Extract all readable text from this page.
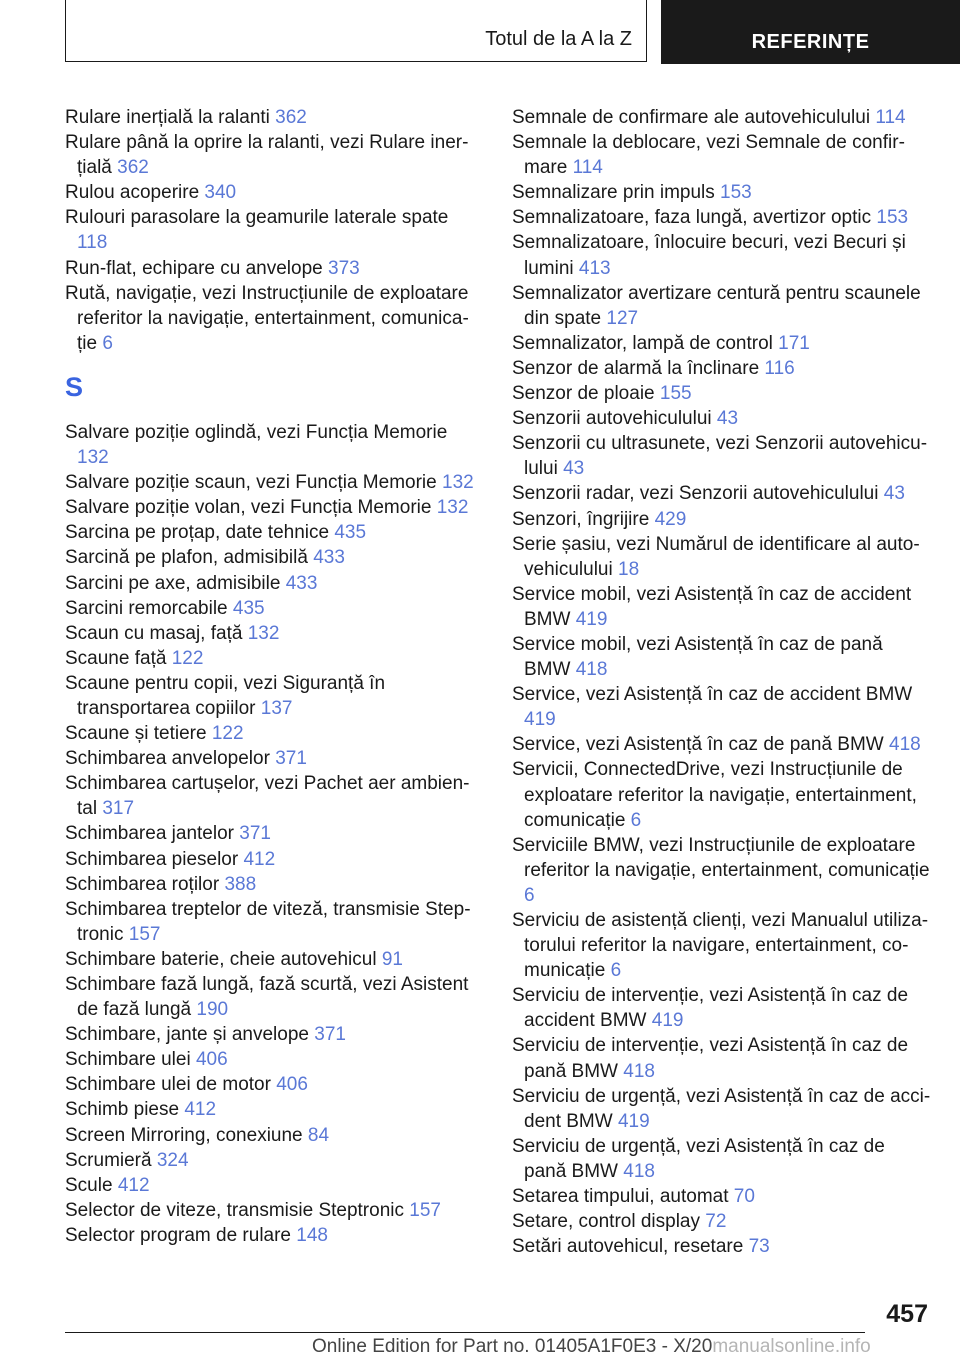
Totul de la A la Z	REFERINȚE
Rulare inerțială la ralanti 362
Rulare până la oprire la ralanti, vezi Rulare inerțială 362
Rulou acoperire 340
Rulouri parasolare la geamurile laterale spate 118
Run-flat, echipare cu anvelope 373
Rută, navigație, vezi Instrucțiunile de exploatare referitor la navigație, entertainment, comunicație 6
S
Salvare poziție oglindă, vezi Funcția Memorie 132
Salvare poziție scaun, vezi Funcția Memorie 132
Salvare poziție volan, vezi Funcția Memorie 132
Sarcina pe proțap, date tehnice 435
Sarcină pe plafon, admisibilă 433
Sarcini pe axe, admisibile 433
Sarcini remorcabile 435
Scaun cu masaj, față 132
Scaune față 122
Scaune pentru copii, vezi Siguranță în transportarea copiilor 137
Scaune și tetiere 122
Schimbarea anvelopelor 371
Schimbarea cartușelor, vezi Pachet aer ambiental 317
Schimbarea jantelor 371
Schimbarea pieselor 412
Schimbarea roților 388
Schimbarea treptelor de viteză, transmisie Steptronic 157
Schimbare baterie, cheie autovehicul 91
Schimbare fază lungă, fază scurtă, vezi Asistent de fază lungă 190
Schimbare, jante și anvelope 371
Schimbare ulei 406
Schimbare ulei de motor 406
Schimb piese 412
Screen Mirroring, conexiune 84
Scrumieră 324
Scule 412
Selector de viteze, transmisie Steptronic 157
Selector program de rulare 148
Semnale de confirmare ale autovehiculului 114
Semnale la deblocare, vezi Semnale de confirmare 114
Semnalizare prin impuls 153
Semnalizatoare, faza lungă, avertizor optic 153
Semnalizatoare, înlocuire becuri, vezi Becuri și lumini 413
Semnalizator avertizare centură pentru scaunele din spate 127
Semnalizator, lampă de control 171
Senzor de alarmă la înclinare 116
Senzor de ploaie 155
Senzorii autovehiculului 43
Senzorii cu ultrasunete, vezi Senzorii autovehiculului 43
Senzorii radar, vezi Senzorii autovehiculului 43
Senzori, îngrijire 429
Serie șasiu, vezi Numărul de identificare al autovehiculului 18
Service mobil, vezi Asistență în caz de accident BMW 419
Service mobil, vezi Asistență în caz de pană BMW 418
Service, vezi Asistență în caz de accident BMW 419
Service, vezi Asistență în caz de pană BMW 418
Servicii, ConnectedDrive, vezi Instrucțiunile de exploatare referitor la navigație, entertainment, comunicație 6
Serviciile BMW, vezi Instrucțiunile de exploatare referitor la navigație, entertainment, comunicație 6
Serviciu de asistență clienți, vezi Manualul utilizatorului referitor la navigare, entertainment, comunicație 6
Serviciu de intervenție, vezi Asistență în caz de accident BMW 419
Serviciu de intervenție, vezi Asistență în caz de pană BMW 418
Serviciu de urgență, vezi Asistență în caz de accident BMW 419
Serviciu de urgență, vezi Asistență în caz de pană BMW 418
Setarea timpului, automat 70
Setare, control display 72
Setări autovehicul, resetare 73
457
Online Edition for Part no. 01405A1F0E3 - X/20manualsonline.info
